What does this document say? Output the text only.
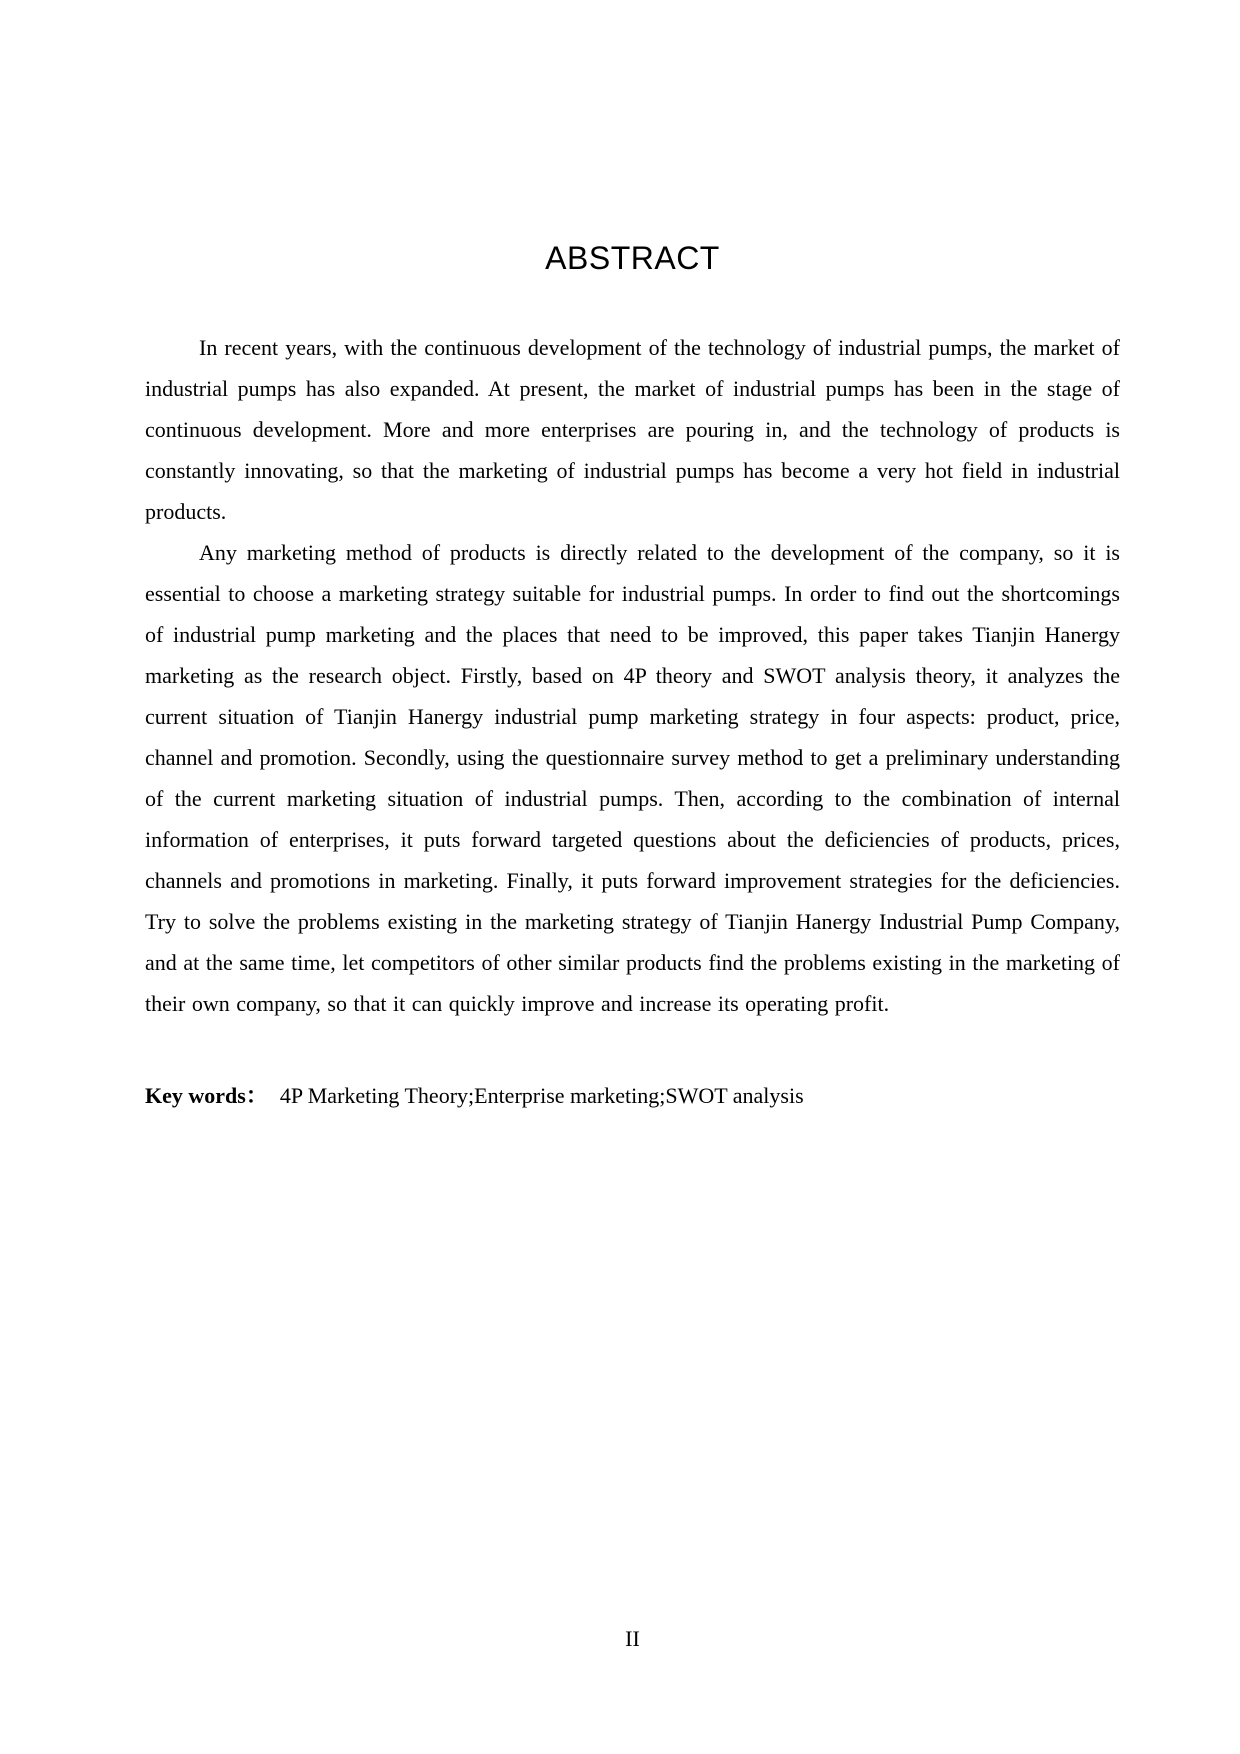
ABSTRACT

In recent years, with the continuous development of the technology of industrial pumps, the market of industrial pumps has also expanded. At present, the market of industrial pumps has been in the stage of continuous development. More and more enterprises are pouring in, and the technology of products is constantly innovating, so that the marketing of industrial pumps has become a very hot field in industrial products.

Any marketing method of products is directly related to the development of the company, so it is essential to choose a marketing strategy suitable for industrial pumps. In order to find out the shortcomings of industrial pump marketing and the places that need to be improved, this paper takes Tianjin Hanergy marketing as the research object. Firstly, based on 4P theory and SWOT analysis theory, it analyzes the current situation of Tianjin Hanergy industrial pump marketing strategy in four aspects: product, price, channel and promotion. Secondly, using the questionnaire survey method to get a preliminary understanding of the current marketing situation of industrial pumps. Then, according to the combination of internal information of enterprises, it puts forward targeted questions about the deficiencies of products, prices, channels and promotions in marketing. Finally, it puts forward improvement strategies for the deficiencies. Try to solve the problems existing in the marketing strategy of Tianjin Hanergy Industrial Pump Company, and at the same time, let competitors of other similar products find the problems existing in the marketing of their own company, so that it can quickly improve and increase its operating profit.

Key words： 4P Marketing Theory;Enterprise marketing;SWOT analysis

II
